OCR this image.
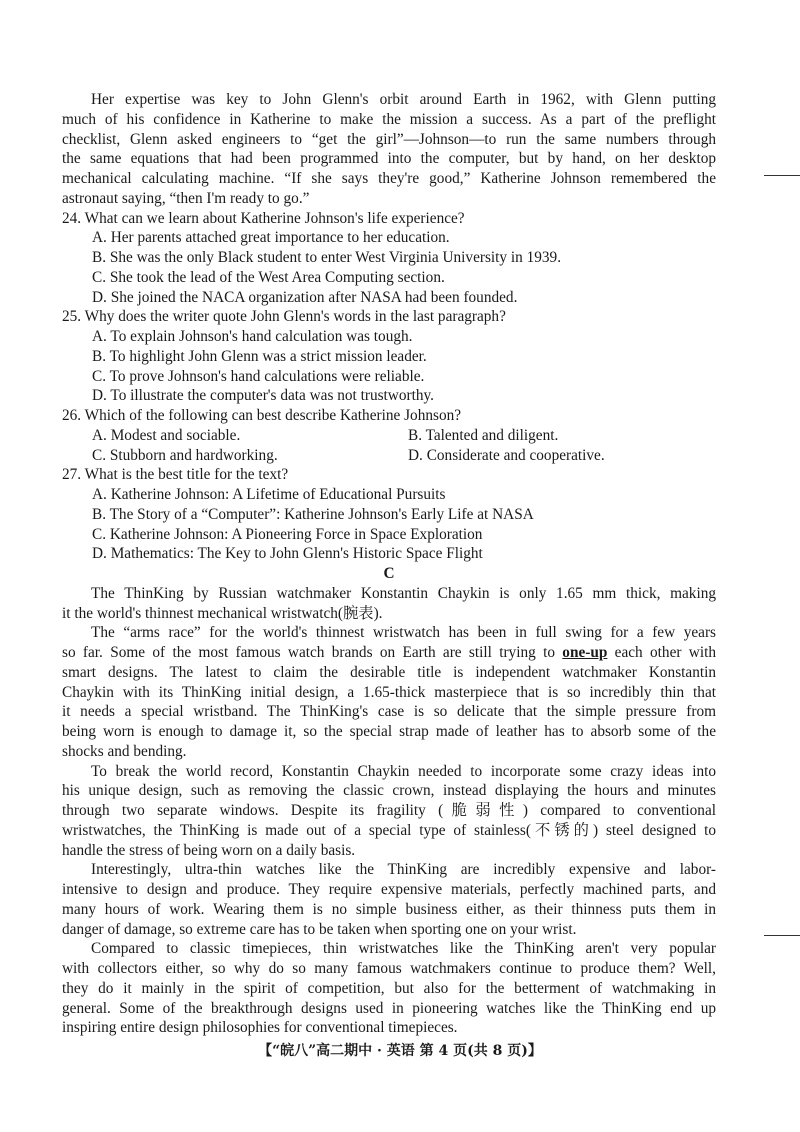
Her expertise was key to John Glenn's orbit around Earth in 1962, with Glenn putting
much of his confidence in Katherine to make the mission a success. As a part of the preflight
checklist, Glenn asked engineers to “get the girl”—Johnson—to run the same numbers through
the same equations that had been programmed into the computer, but by hand, on her desktop
mechanical calculating machine. “If she says they're good,” Katherine Johnson remembered the
astronaut saying, “then I'm ready to go.”
24. What can we learn about Katherine Johnson's life experience?
A. Her parents attached great importance to her education.
B. She was the only Black student to enter West Virginia University in 1939.
C. She took the lead of the West Area Computing section.
D. She joined the NACA organization after NASA had been founded.
25. Why does the writer quote John Glenn's words in the last paragraph?
A. To explain Johnson's hand calculation was tough.
B. To highlight John Glenn was a strict mission leader.
C. To prove Johnson's hand calculations were reliable.
D. To illustrate the computer's data was not trustworthy.
26. Which of the following can best describe Katherine Johnson?
A. Modest and sociable.	B. Talented and diligent.
C. Stubborn and hardworking.	D. Considerate and cooperative.
27. What is the best title for the text?
A. Katherine Johnson: A Lifetime of Educational Pursuits
B. The Story of a “Computer”: Katherine Johnson's Early Life at NASA
C. Katherine Johnson: A Pioneering Force in Space Exploration
D. Mathematics: The Key to John Glenn's Historic Space Flight
C
The ThinKing by Russian watchmaker Konstantin Chaykin is only 1.65 mm thick, making
it the world's thinnest mechanical wristwatch(腕表).
The “arms race” for the world's thinnest wristwatch has been in full swing for a few years
so far. Some of the most famous watch brands on Earth are still trying to one-up each other with
smart designs. The latest to claim the desirable title is independent watchmaker Konstantin
Chaykin with its ThinKing initial design, a 1.65-thick masterpiece that is so incredibly thin that
it needs a special wristband. The ThinKing's case is so delicate that the simple pressure from
being worn is enough to damage it, so the special strap made of leather has to absorb some of the
shocks and bending.
To break the world record, Konstantin Chaykin needed to incorporate some crazy ideas into
his unique design, such as removing the classic crown, instead displaying the hours and minutes
through two separate windows. Despite its fragility (脆弱性) compared to conventional
wristwatches, the ThinKing is made out of a special type of stainless(不锈的) steel designed to
handle the stress of being worn on a daily basis.
Interestingly, ultra-thin watches like the ThinKing are incredibly expensive and labor-
intensive to design and produce. They require expensive materials, perfectly machined parts, and
many hours of work. Wearing them is no simple business either, as their thinness puts them in
danger of damage, so extreme care has to be taken when sporting one on your wrist.
Compared to classic timepieces, thin wristwatches like the ThinKing aren't very popular
with collectors either, so why do so many famous watchmakers continue to produce them? Well,
they do it mainly in the spirit of competition, but also for the betterment of watchmaking in
general. Some of the breakthrough designs used in pioneering watches like the ThinKing end up
inspiring entire design philosophies for conventional timepieces.
【“皖八”高二期中 · 英语 第 4 页(共 8 页)】
